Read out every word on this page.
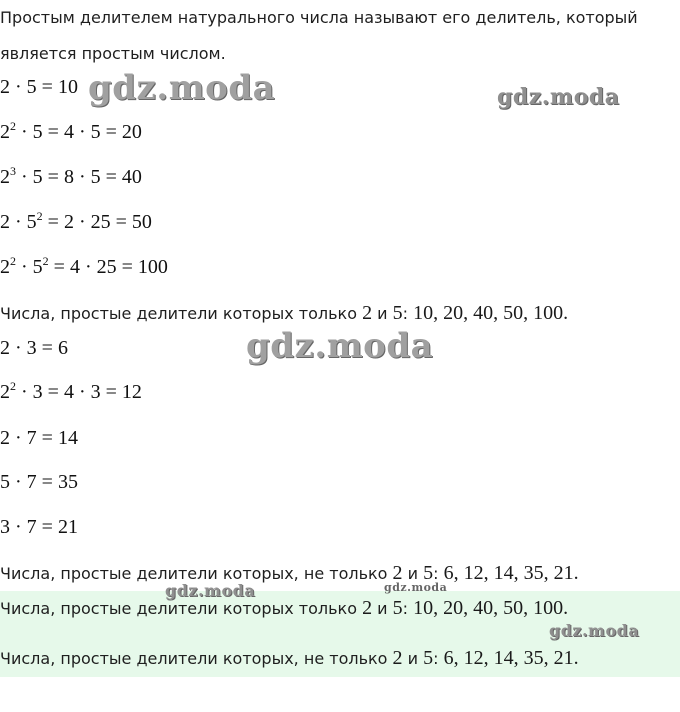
Простым делителем натурального числа называют его делитель, который
является простым числом.
2 · 5 = 10
$2^2 \cdot 5 = 4 \cdot 5 = 20$
$2^3 \cdot 5 = 8 \cdot 5 = 40$
$2 \cdot 5^2 = 2 \cdot 25 = 50$
$2^2 \cdot 5^2 = 4 \cdot 25 = 100$
Числа, простые делители которых только 2 и 5: 10, 20, 40, 50, 100.
2 · 3 = 6
$2^2 \cdot 3 = 4 \cdot 3 = 12$
2 · 7 = 14
5 · 7 = 35
3 · 7 = 21
Числа, простые делители которых, не только 2 и 5: 6, 12, 14, 35, 21.
Числа, простые делители которых только 2 и 5: 10, 20, 40, 50, 100.
Числа, простые делители которых, не только 2 и 5: 6, 12, 14, 35, 21.
gdz.moda	gdz.moda
gdz.moda
gdz.moda	gdz.moda
gdz.moda
